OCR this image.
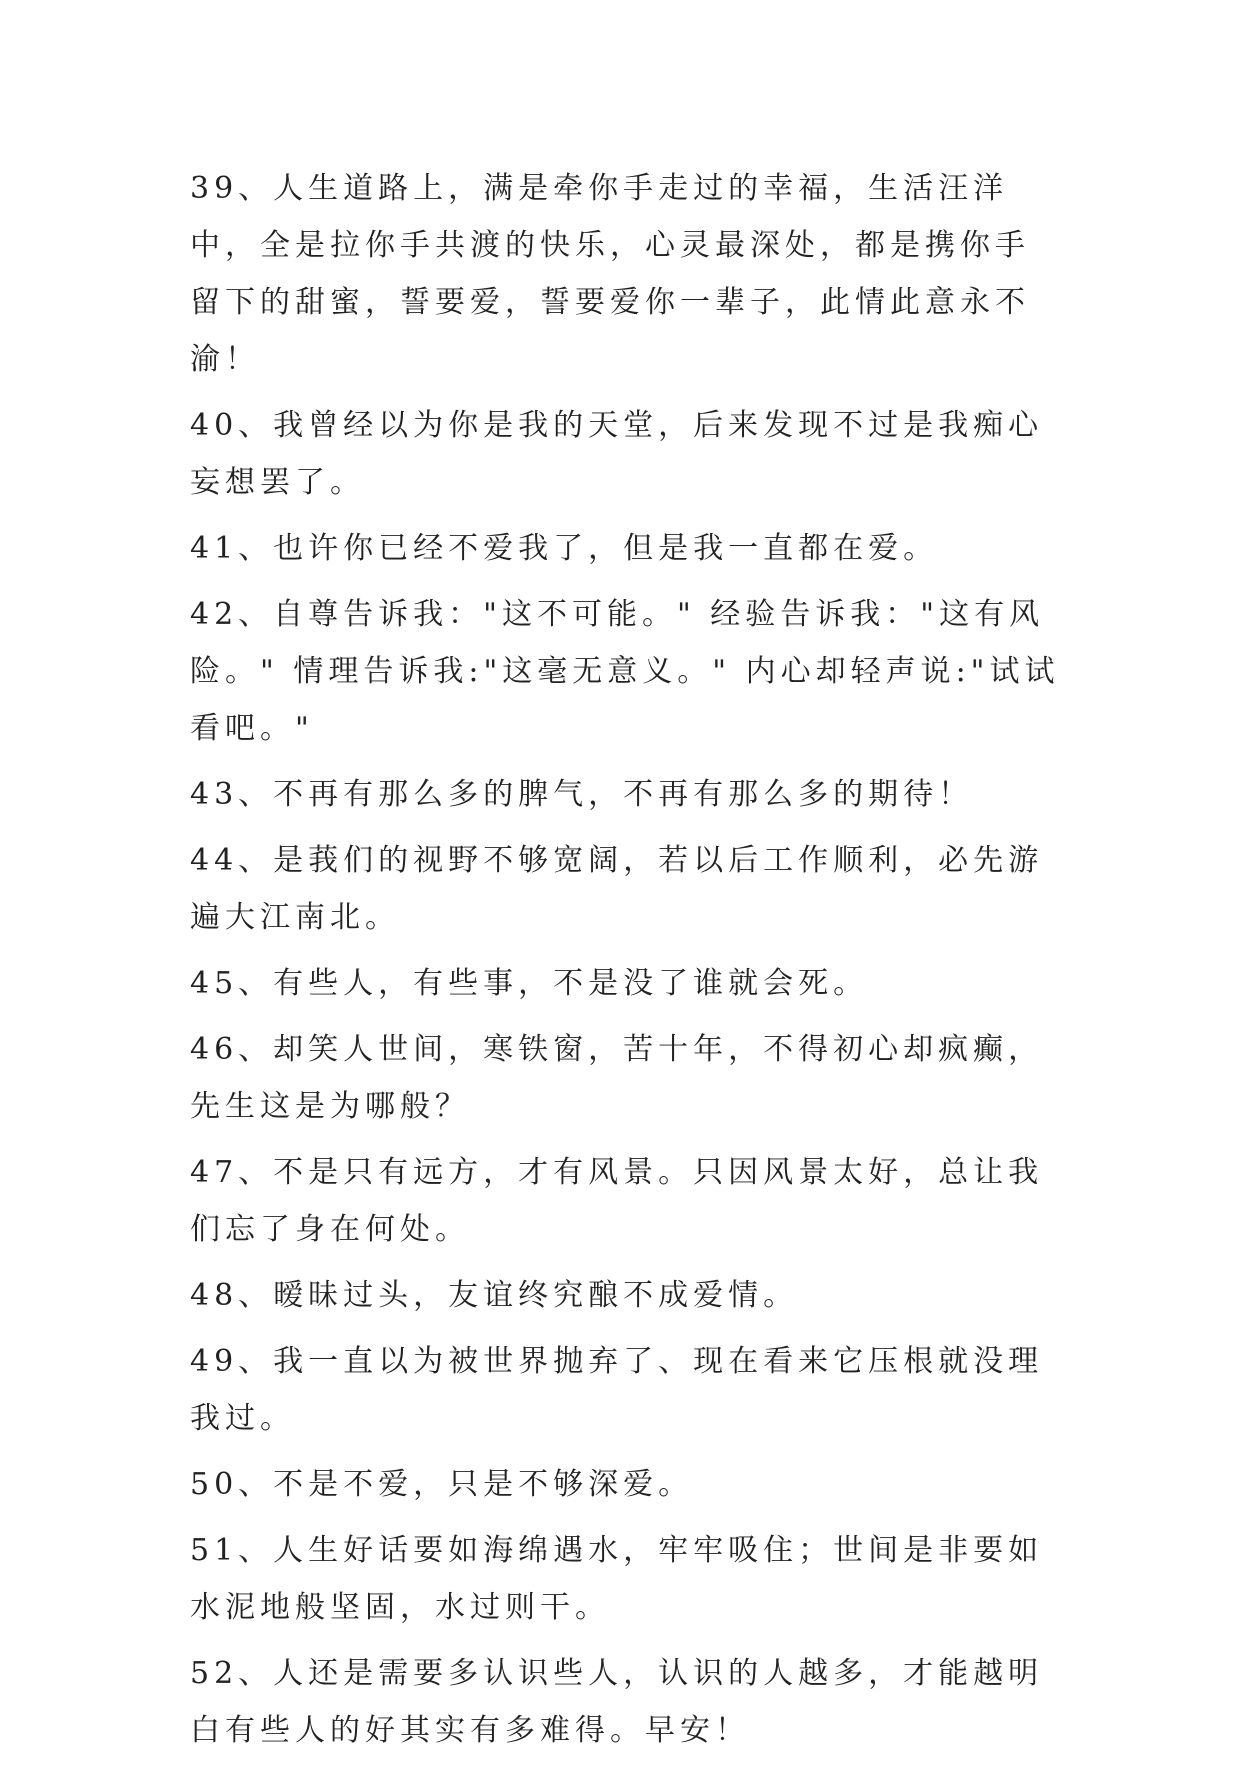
39、人生道路上，满是牵你手走过的幸福，生活汪洋中，全是拉你手共渡的快乐，心灵最深处，都是携你手留下的甜蜜，誓要爱，誓要爱你一辈子，此情此意永不渝！

40、我曾经以为你是我的天堂，后来发现不过是我痴心妄想罢了。

41、也许你已经不爱我了，但是我一直都在爱。

42、自尊告诉我："这不可能。" 经验告诉我："这有风险。" 情理告诉我:"这毫无意义。" 内心却轻声说:"试试看吧。"

43、不再有那么多的脾气，不再有那么多的期待！

44、是莪们的视野不够宽阔，若以后工作顺利，必先游遍大江南北。

45、有些人，有些事，不是没了谁就会死。

46、却笑人世间，寒铁窗，苦十年，不得初心却疯癫，先生这是为哪般？

47、不是只有远方，才有风景。只因风景太好，总让我们忘了身在何处。

48、暧昧过头，友谊终究酿不成爱情。

49、我一直以为被世界抛弃了、现在看来它压根就没理我过。

50、不是不爱，只是不够深爱。

51、人生好话要如海绵遇水，牢牢吸住；世间是非要如水泥地般坚固，水过则干。

52、人还是需要多认识些人，认识的人越多，才能越明白有些人的好其实有多难得。早安！
